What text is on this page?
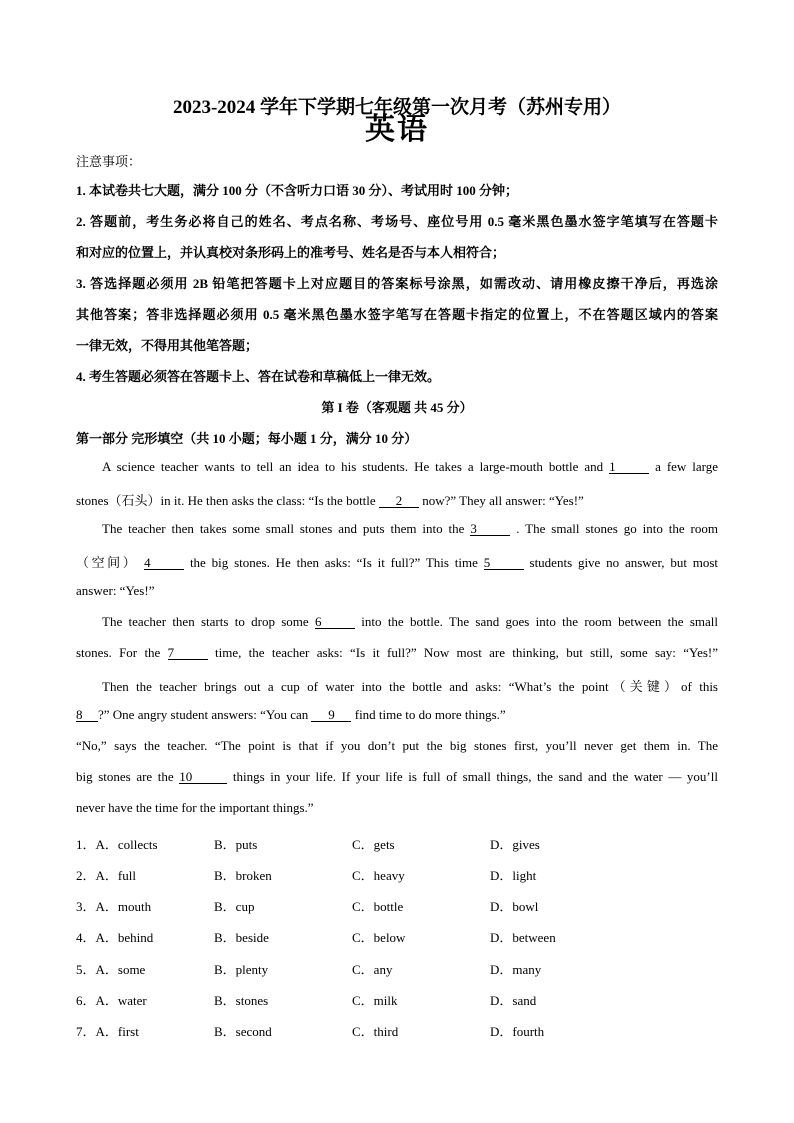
2023-2024 学年下学期七年级第一次月考（苏州专用）
英语
注意事项：
1. 本试卷共七大题，满分 100 分（不含听力口语 30 分）、考试用时 100 分钟；
2. 答题前，考生务必将自己的姓名、考点名称、考场号、座位号用 0.5 毫米黑色墨水签字笔填写在答题卡
和对应的位置上，并认真校对条形码上的准考号、姓名是否与本人相符合；
3. 答选择题必须用 2B 铅笔把答题卡上对应题目的答案标号涂黑，如需改动、请用橡皮擦干净后，再选涂
其他答案；答非选择题必须用 0.5 毫米黑色墨水签字笔写在答题卡指定的位置上，不在答题区域内的答案
一律无效，不得用其他笔答题；
4. 考生答题必须答在答题卡上、答在试卷和草稿低上一律无效。
第 I 卷（客观题 共 45 分）
第一部分 完形填空（共 10 小题；每小题 1 分，满分 10 分）
A science teacher wants to tell an idea to his students. He takes a large-mouth bottle and 1	a few large
stones（石头）in it. He then asks the class: “Is the bottle 2 now?” They all answer: “Yes!”
The teacher then takes some small stones and puts them into the 3	. The small stones go into the room
（空间） 4	the big stones. He then asks: “Is it full?” This time 5	students give no answer, but most
answer: “Yes!”
The teacher then starts to drop some 6	into the bottle. The sand goes into the room between the small
stones. For the 7	time, the teacher asks: “Is it full?” Now most are thinking, but still, some say: “Yes!”
Then the teacher brings out a cup of water into the bottle and asks: “What’s the point（关键）of this
8 ?” One angry student answers: “You can 9 find time to do more things.”
“No,” says the teacher. “The point is that if you don’t put the big stones first, you’ll never get them in. The
big stones are the 10	things in your life. If your life is full of small things, the sand and the water — you’ll
never have the time for the important things.”
1．A．collects	B．puts	C．gets	D．gives
2．A．full	B．broken	C．heavy	D．light
3．A．mouth	B．cup	C．bottle	D．bowl
4．A．behind	B．beside	C．below	D．between
5．A．some	B．plenty	C．any	D．many
6．A．water	B．stones	C．milk	D．sand
7．A．first	B．second	C．third	D．fourth
